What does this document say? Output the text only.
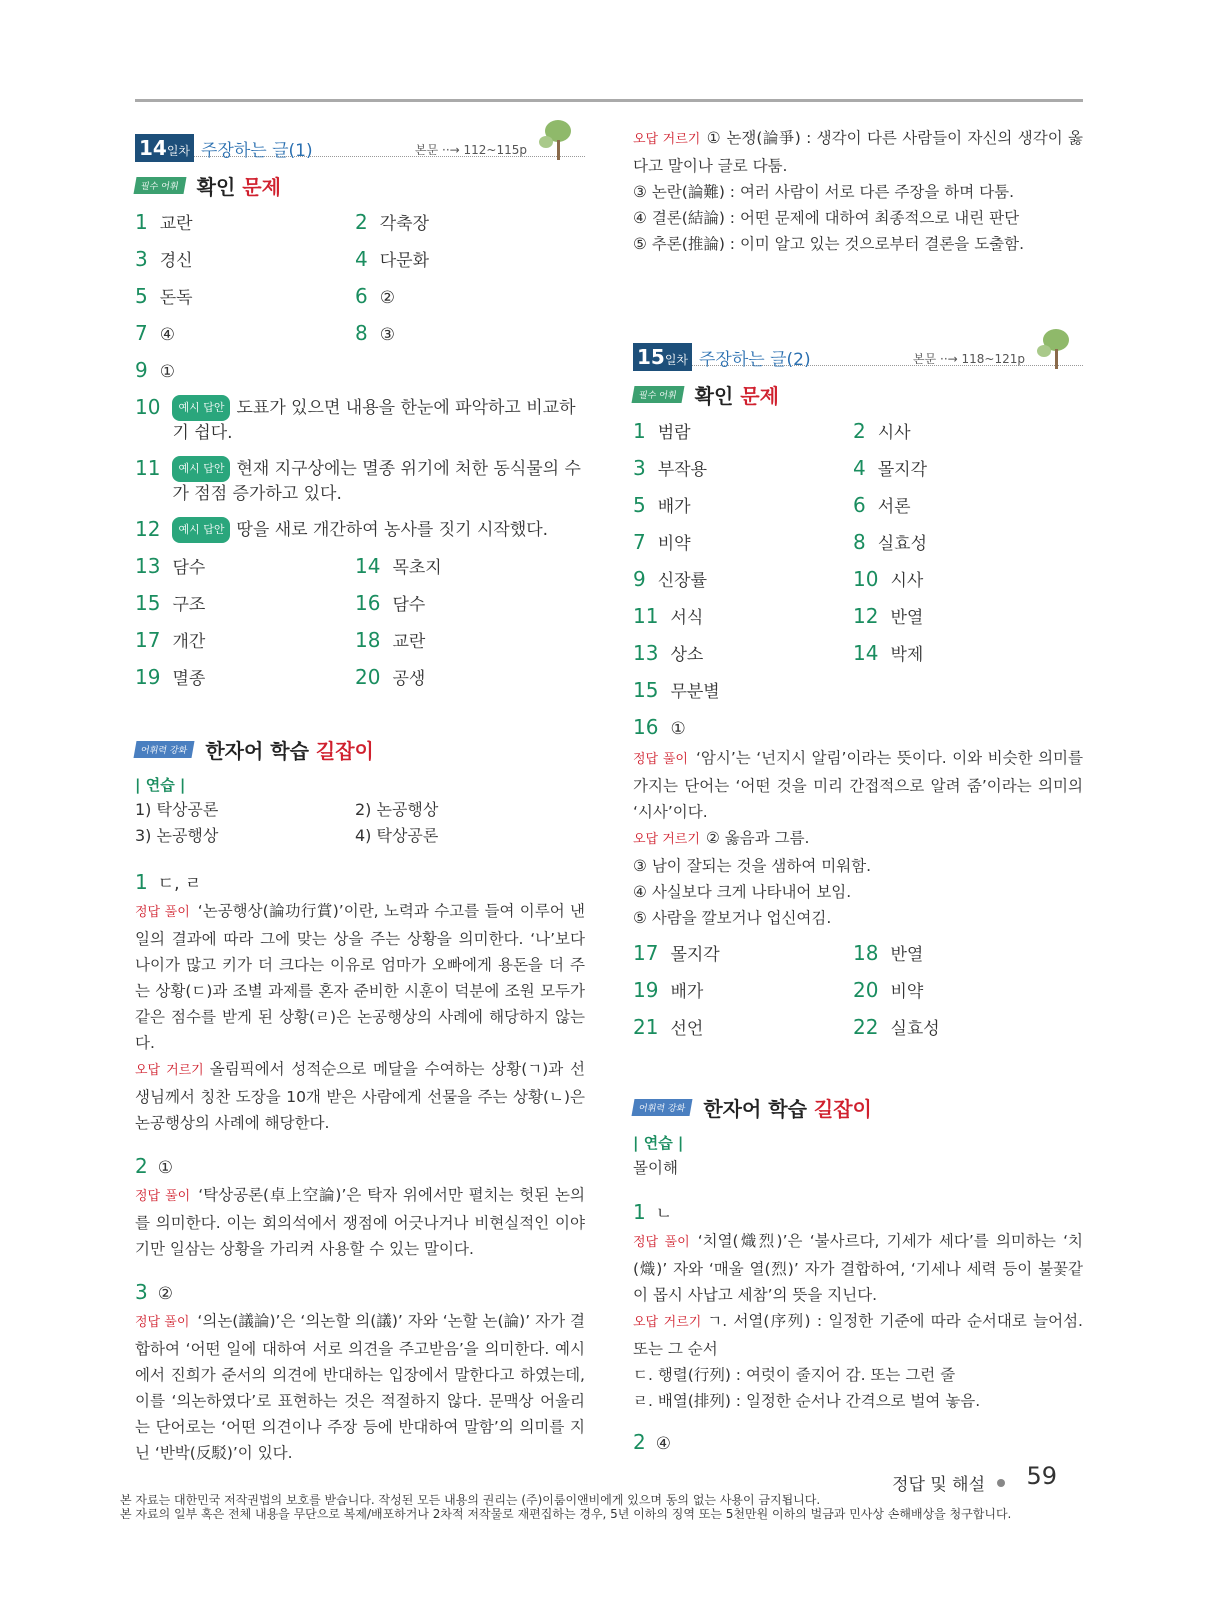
14일차 주장하는 글(1)	본문 ··→ 112~115p
필수 어휘 확인 문제
1 교란	2 각축장
3 경신	4 다문화
5 돈독	6 ②
7 ④	8 ③
9 ①
10	예시 답안 도표가 있으면 내용을 한눈에 파악하고 비교하기 쉽다.
11	예시 답안 현재 지구상에는 멸종 위기에 처한 동식물의 수가 점점 증가하고 있다.
12	예시 답안 땅을 새로 개간하여 농사를 짓기 시작했다.
13 담수	14 목초지
15 구조	16 담수
17 개간	18 교란
19 멸종	20 공생
어휘력 강화 한자어 학습 길잡이
| 연습 |
1) 탁상공론	2) 논공행상
3) 논공행상	4) 탁상공론
1 ㄷ, ㄹ
정답 풀이 ‘논공행상(論功行賞)’이란, 노력과 수고를 들여 이루어 낸 일의 결과에 따라 그에 맞는 상을 주는 상황을 의미한다. ‘나’보다 나이가 많고 키가 더 크다는 이유로 엄마가 오빠에게 용돈을 더 주는 상황(ㄷ)과 조별 과제를 혼자 준비한 시훈이 덕분에 조원 모두가 같은 점수를 받게 된 상황(ㄹ)은 논공행상의 사례에 해당하지 않는다.
오답 거르기 올림픽에서 성적순으로 메달을 수여하는 상황(ㄱ)과 선생님께서 칭찬 도장을 10개 받은 사람에게 선물을 주는 상황(ㄴ)은 논공행상의 사례에 해당한다.
2 ①
정답 풀이 ‘탁상공론(卓上空論)’은 탁자 위에서만 펼치는 헛된 논의를 의미한다. 이는 회의석에서 쟁점에 어긋나거나 비현실적인 이야기만 일삼는 상황을 가리켜 사용할 수 있는 말이다.
3 ②
정답 풀이 ‘의논(議論)’은 ‘의논할 의(議)’ 자와 ‘논할 논(論)’ 자가 결합하여 ‘어떤 일에 대하여 서로 의견을 주고받음’을 의미한다. 예시에서 진희가 준서의 의견에 반대하는 입장에서 말한다고 하였는데, 이를 ‘의논하였다’로 표현하는 것은 적절하지 않다. 문맥상 어울리는 단어로는 ‘어떤 의견이나 주장 등에 반대하여 말함’의 의미를 지닌 ‘반박(反駁)’이 있다.
오답 거르기 ① 논쟁(論爭) : 생각이 다른 사람들이 자신의 생각이 옳다고 말이나 글로 다툼.
③ 논란(論難) : 여러 사람이 서로 다른 주장을 하며 다툼.
④ 결론(結論) : 어떤 문제에 대하여 최종적으로 내린 판단
⑤ 추론(推論) : 이미 알고 있는 것으로부터 결론을 도출함.
15일차 주장하는 글(2)	본문 ··→ 118~121p
필수 어휘 확인 문제
1 범람	2 시사
3 부작용	4 몰지각
5 배가	6 서론
7 비약	8 실효성
9 신장률	10 시사
11 서식	12 반열
13 상소	14 박제
15 무분별
16 ①
정답 풀이 ‘암시’는 ‘넌지시 알림’이라는 뜻이다. 이와 비슷한 의미를 가지는 단어는 ‘어떤 것을 미리 간접적으로 알려 줌’이라는 의미의 ‘시사’이다.
오답 거르기 ② 옳음과 그름.
③ 남이 잘되는 것을 샘하여 미워함.
④ 사실보다 크게 나타내어 보임.
⑤ 사람을 깔보거나 업신여김.
17 몰지각	18 반열
19 배가	20 비약
21 선언	22 실효성
어휘력 강화 한자어 학습 길잡이
| 연습 |
몰이해
1 ㄴ
정답 풀이 ‘치열(熾烈)’은 ‘불사르다, 기세가 세다’를 의미하는 ‘치(熾)’ 자와 ‘매울 열(烈)’ 자가 결합하여, ‘기세나 세력 등이 불꽃같이 몹시 사납고 세참’의 뜻을 지닌다.
오답 거르기 ㄱ. 서열(序列) : 일정한 기준에 따라 순서대로 늘어섬. 또는 그 순서
ㄷ. 행렬(行列) : 여럿이 줄지어 감. 또는 그런 줄
ㄹ. 배열(排列) : 일정한 순서나 간격으로 벌여 놓음.
2 ④
정답 및 해설	59
본 자료는 대한민국 저작권법의 보호를 받습니다. 작성된 모든 내용의 권리는 (주)이룸이앤비에게 있으며 동의 없는 사용이 금지됩니다.
본 자료의 일부 혹은 전체 내용을 무단으로 복제/배포하거나 2차적 저작물로 재편집하는 경우, 5년 이하의 징역 또는 5천만원 이하의 벌금과 민사상 손해배상을 청구합니다.
